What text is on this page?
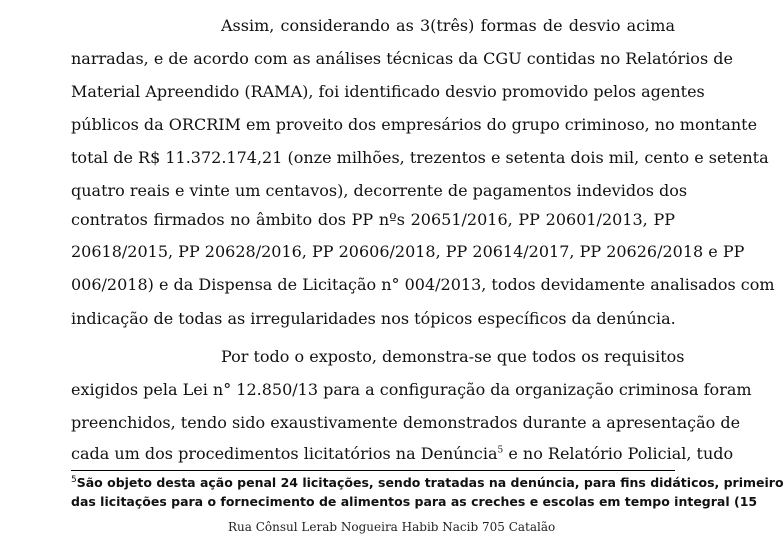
Assim, considerando as 3(três) formas de desvio acima
narradas, e de acordo com as análises técnicas da CGU contidas no Relatórios de
Material Apreendido (RAMA), foi identificado desvio promovido pelos agentes
públicos da ORCRIM em proveito dos empresários do grupo criminoso, no montante
total de R$ 11.372.174,21 (onze milhões, trezentos e setenta dois mil, cento e setenta
quatro reais e vinte um centavos), decorrente de pagamentos indevidos dos
contratos firmados no âmbito dos PP nºs 20651/2016, PP 20601/2013, PP
20618/2015, PP 20628/2016, PP 20606/2018, PP 20614/2017, PP 20626/2018 e PP
006/2018) e da Dispensa de Licitação n° 004/2013, todos devidamente analisados com
indicação de todas as irregularidades nos tópicos específicos da denúncia.
Por todo o exposto, demonstra-se que todos os requisitos
exigidos pela Lei n° 12.850/13 para a configuração da organização criminosa foram
preenchidos, tendo sido exaustivamente demonstrados durante a apresentação de
cada um dos procedimentos licitatórios na Denúncia$^5$ e no Relatório Policial, tudo
$^5$São objeto desta ação penal 24 licitações, sendo tratadas na denúncia, para fins didáticos, primeiro
das licitações para o fornecimento de alimentos para as creches e escolas em tempo integral (15
Rua Cônsul Lerab Nogueira Habib Nacib 705 Catalão
